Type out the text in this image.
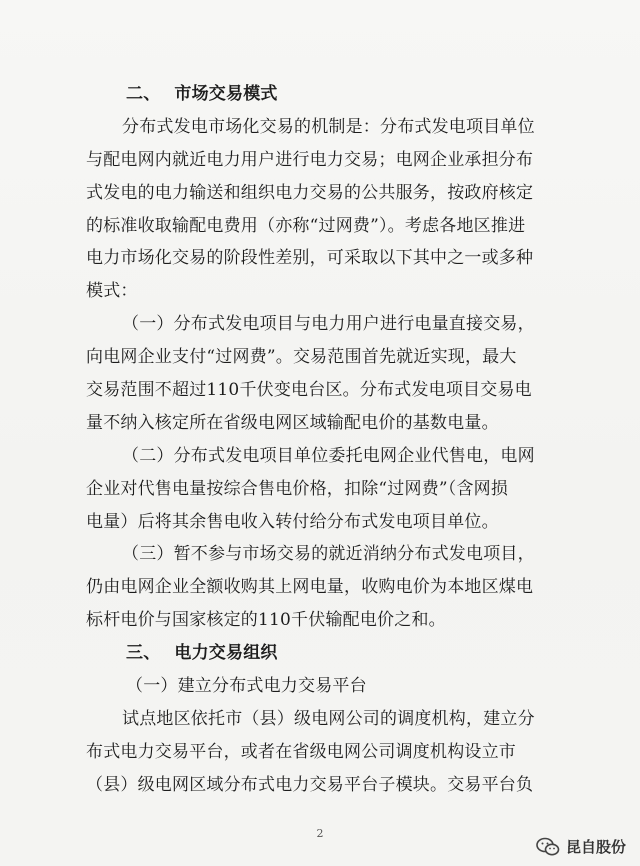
二、 市场交易模式
分布式发电市场化交易的机制是：分布式发电项目单位
与配电网内就近电力用户进行电力交易；电网企业承担分布
式发电的电力输送和组织电力交易的公共服务，按政府核定
的标准收取输配电费用（亦称“过网费”）。考虑各地区推进
电力市场化交易的阶段性差别，可采取以下其中之一或多种
模式：
（一）分布式发电项目与电力用户进行电量直接交易，
向电网企业支付“过网费”。交易范围首先就近实现，最大
交易范围不超过110千伏变电台区。分布式发电项目交易电
量不纳入核定所在省级电网区域输配电价的基数电量。
（二）分布式发电项目单位委托电网企业代售电，电网
企业对代售电量按综合售电价格，扣除“过网费”（含网损
电量）后将其余售电收入转付给分布式发电项目单位。
（三）暂不参与市场交易的就近消纳分布式发电项目，
仍由电网企业全额收购其上网电量，收购电价为本地区煤电
标杆电价与国家核定的110千伏输配电价之和。
三、 电力交易组织
（一）建立分布式电力交易平台
试点地区依托市（县）级电网公司的调度机构，建立分
布式电力交易平台，或者在省级电网公司调度机构设立市
（县）级电网区域分布式电力交易平台子模块。交易平台负
2
昆自股份
